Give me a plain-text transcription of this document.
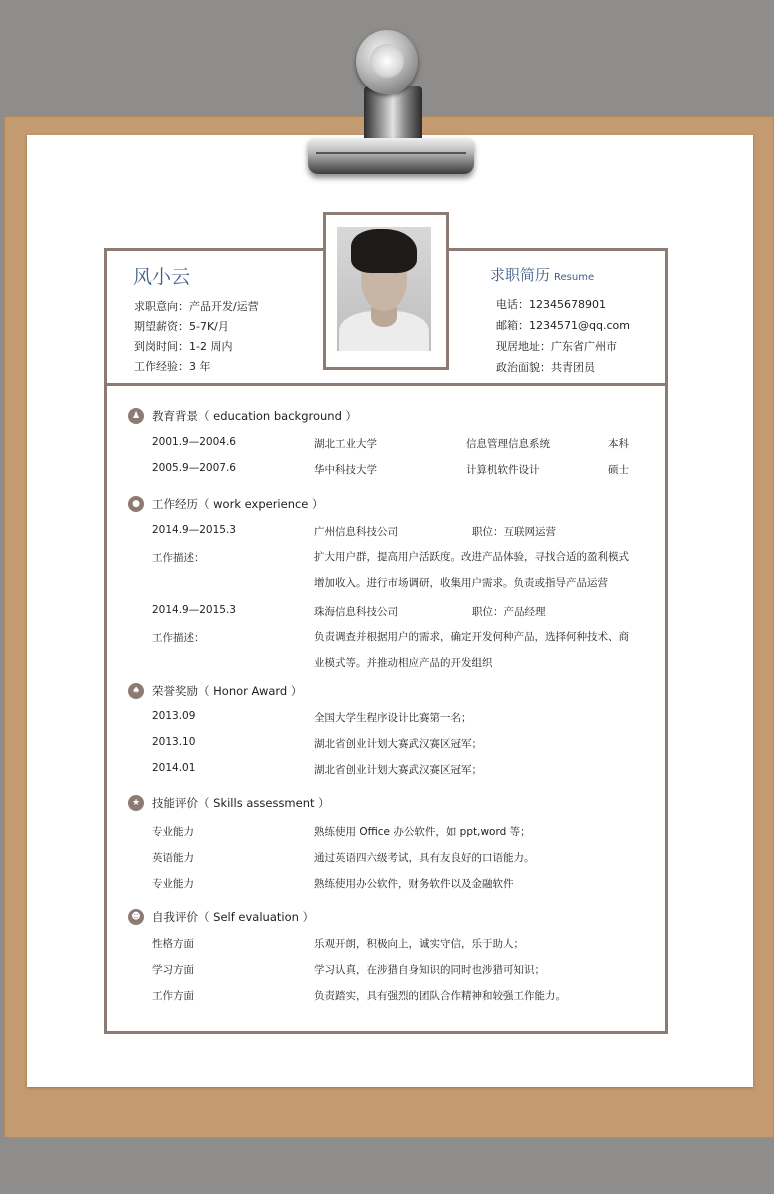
风小云
求职意向：产品开发/运营
期望薪资：5-7K/月
到岗时间：1-2 周内
工作经验：3 年
求职简历 Resume
电话：12345678901
邮箱：1234571@qq.com
现居地址：广东省广州市
政治面貌：共青团员
♟	教育背景（ education background ）
2001.9—2004.6	湖北工业大学	信息管理信息系统	本科
2005.9—2007.6	华中科技大学	计算机软件设计	硕士
●	工作经历（ work experience ）
2014.9—2015.3	广州信息科技公司	职位：互联网运营
工作描述：	扩大用户群，提高用户活跃度。改进产品体验，寻找合适的盈利模式增加收入。进行市场调研，收集用户需求。负责或指导产品运营
2014.9—2015.3	珠海信息科技公司	职位：产品经理
工作描述：	负责调查并根据用户的需求，确定开发何种产品，选择何种技术、商业模式等。并推动相应产品的开发组织
♠	荣誉奖励（ Honor Award ）
2013.09	全国大学生程序设计比赛第一名；
2013.10	湖北省创业计划大赛武汉赛区冠军；
2014.01	湖北省创业计划大赛武汉赛区冠军；
★	技能评价（ Skills assessment ）
专业能力	熟练使用 Office 办公软件，如 ppt,word 等；
英语能力	通过英语四六级考试，具有友良好的口语能力。
专业能力	熟练使用办公软件，财务软件以及金融软件
☻ 自我评价（ Self evaluation ）
性格方面	乐观开朗，积极向上，诚实守信，乐于助人；
学习方面	学习认真，在涉猎自身知识的同时也涉猎可知识；
工作方面	负责踏实，具有强烈的团队合作精神和较强工作能力。
